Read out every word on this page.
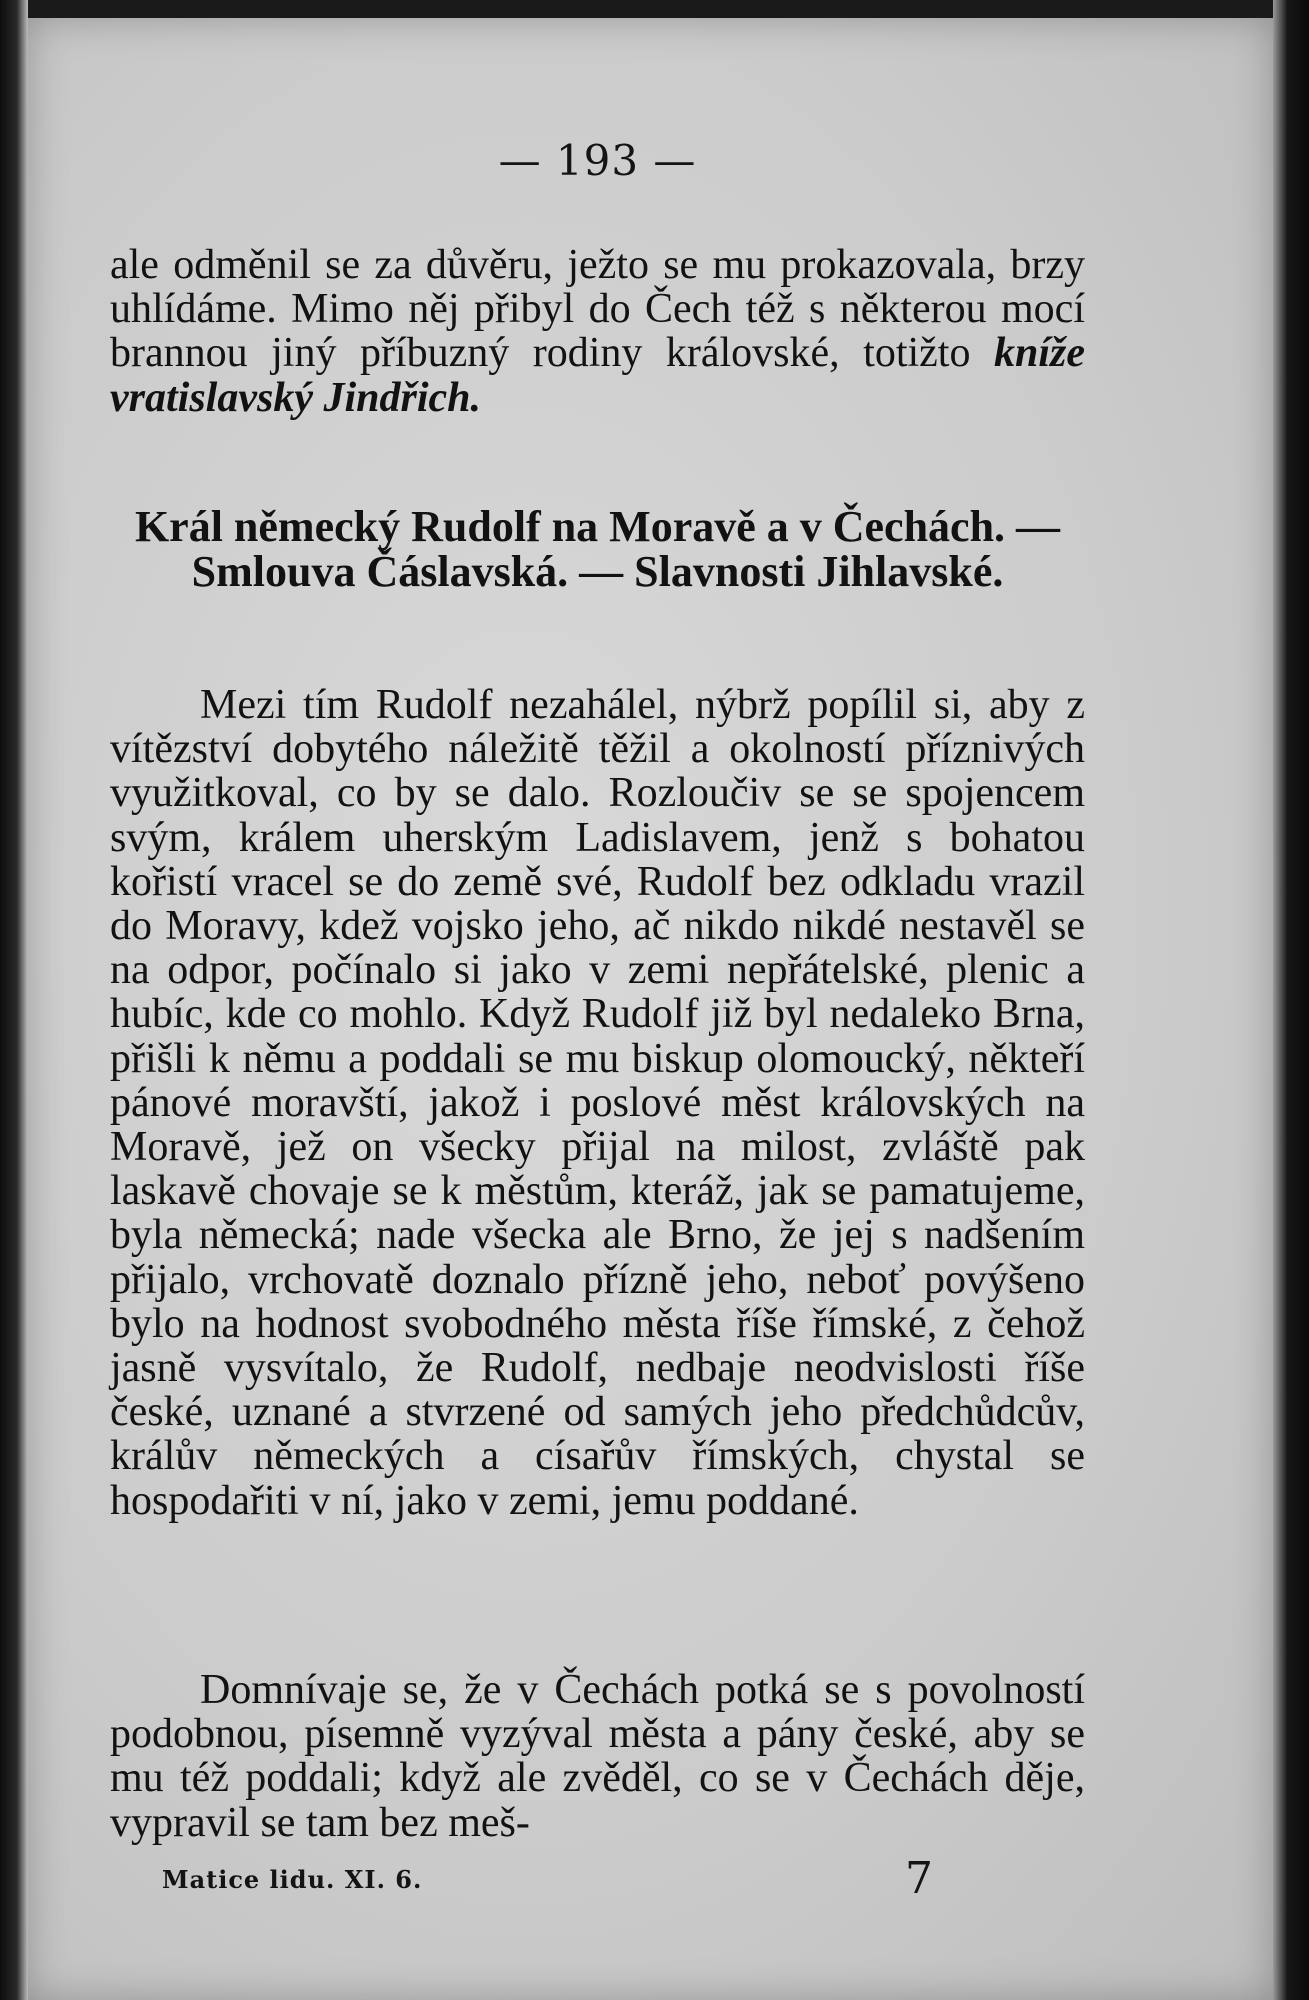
— 193 —

ale odměnil se za důvěru, ježto se mu prokazovala, brzy uhlídáme. Mimo něj přibyl do Čech též s některou mocí brannou jiný příbuzný rodiny královské, totižto kníže vratislavský Jindřich.

Král německý Rudolf na Moravě a v Čechách. — Smlouva Čáslavská. — Slavnosti Jihlavské.

Mezi tím Rudolf nezahálel, nýbrž popílil si, aby z vítězství dobytého náležitě těžil a okolností příznivých využitkoval, co by se dalo. Rozloučiv se se spojencem svým, králem uherským Ladislavem, jenž s bohatou kořistí vracel se do země své, Rudolf bez odkladu vrazil do Moravy, kdež vojsko jeho, ač nikdo nikdé nestavěl se na odpor, počínalo si jako v zemi nepřátelské, plenic a hubíc, kde co mohlo. Když Rudolf již byl nedaleko Brna, přišli k němu a poddali se mu biskup olomoucký, někteří pánové moravští, jakož i poslové měst královských na Moravě, jež on všecky přijal na milost, zvláště pak laskavě chovaje se k městům, kteráž, jak se pamatujeme, byla německá; nade všecka ale Brno, že jej s nadšením přijalo, vrchovatě doznalo přízně jeho, neboť povýšeno bylo na hodnost svobodného města říše římské, z čehož jasně vysvítalo, že Rudolf, nedbaje neodvislosti říše české, uznané a stvrzené od samých jeho předchůdcův, králův německých a císařův římských, chystal se hospodařiti v ní, jako v zemi, jemu poddané.

Domnívaje se, že v Čechách potká se s povolností podobnou, písemně vyzýval města a pány české, aby se mu též poddali; když ale zvěděl, co se v Čechách děje, vypravil se tam bez meš-

Matice lidu. XI. 6.	7
